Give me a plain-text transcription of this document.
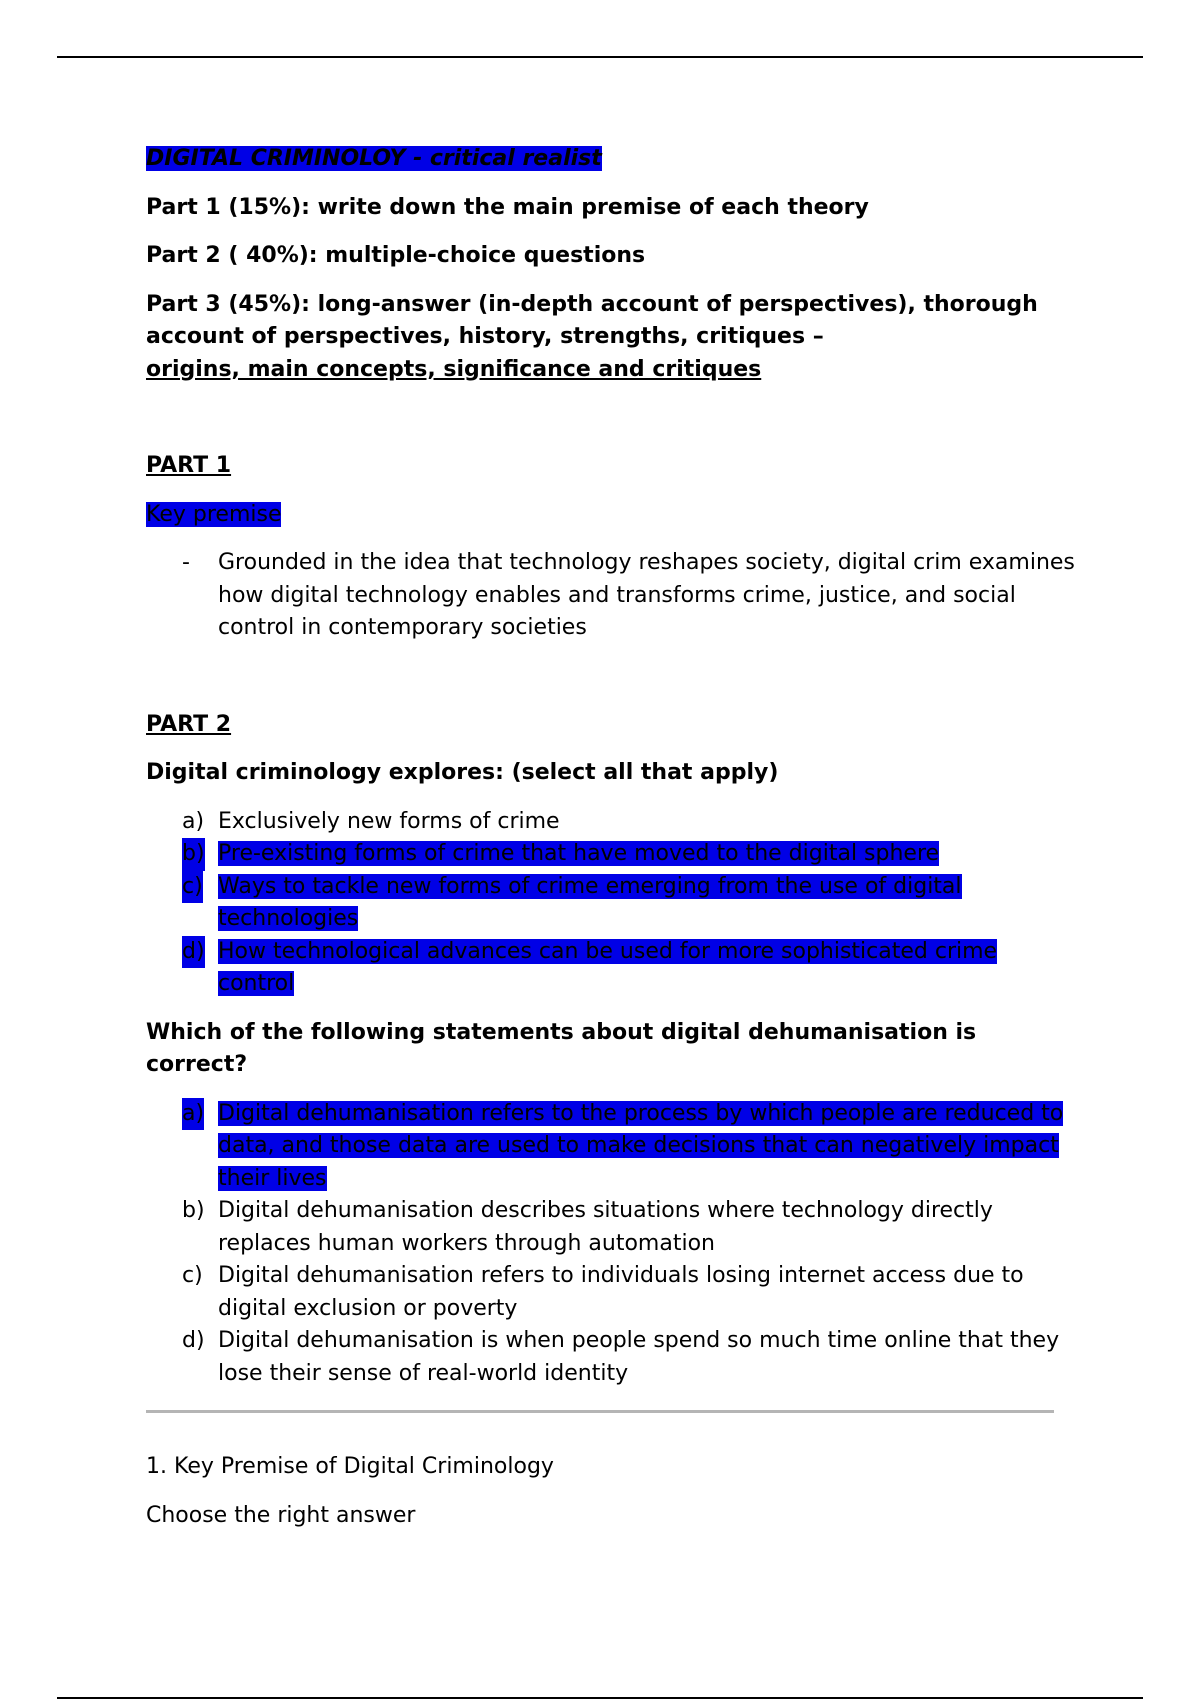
DIGITAL CRIMINOLOY - critical realist

Part 1 (15%): write down the main premise of each theory

Part 2 ( 40%): multiple-choice questions

Part 3 (45%): long-answer (in-depth account of perspectives), thorough account of perspectives, history, strengths, critiques –
origins, main concepts, significance and critiques

PART 1

Key premise

- Grounded in the idea that technology reshapes society, digital crim examines how digital technology enables and transforms crime, justice, and social control in contemporary societies

PART 2

Digital criminology explores: (select all that apply)

a) Exclusively new forms of crime
b) Pre-existing forms of crime that have moved to the digital sphere
c) Ways to tackle new forms of crime emerging from the use of digital technologies
d) How technological advances can be used for more sophisticated crime control

Which of the following statements about digital dehumanisation is correct?

a) Digital dehumanisation refers to the process by which people are reduced to data, and those data are used to make decisions that can negatively impact their lives
b) Digital dehumanisation describes situations where technology directly replaces human workers through automation
c) Digital dehumanisation refers to individuals losing internet access due to digital exclusion or poverty
d) Digital dehumanisation is when people spend so much time online that they lose their sense of real-world identity

1. Key Premise of Digital Criminology

Choose the right answer
